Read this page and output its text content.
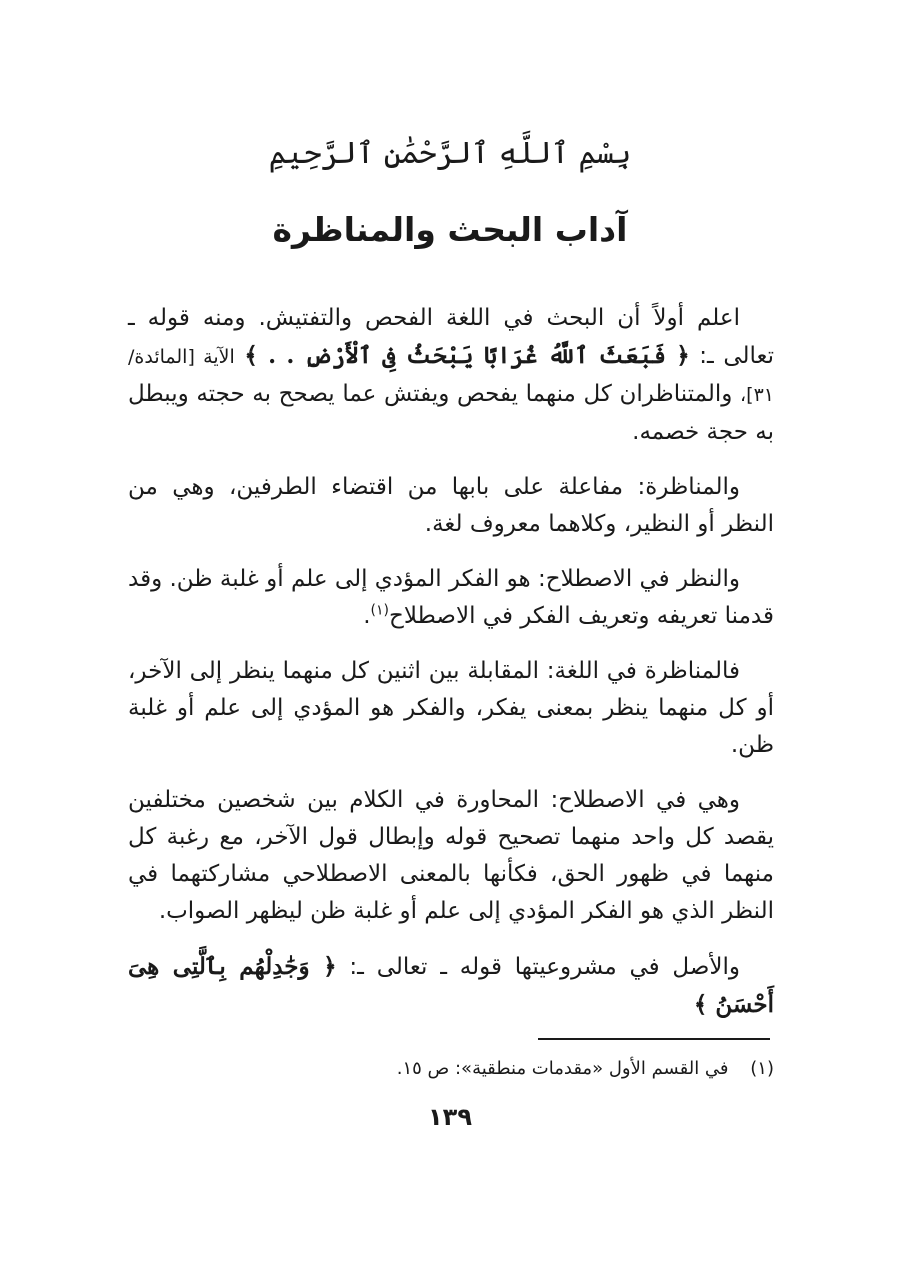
بِسْمِ ٱللَّهِ ٱلرَّحْمَٰنِ ٱلرَّحِيمِ
آداب البحث والمناظرة

اعلم أولاً أن البحث في اللغة الفحص والتفتيش. ومنه قوله ـ تعالى ـ: ﴿ فَبَعَثَ ٱللَّهُ غُرَابًا يَبْحَثُ فِى ٱلْأَرْضِ . . ﴾ الآية [المائدة/ ٣١]، والمتناظران كل منهما يفحص ويفتش عما يصحح به حجته ويبطل به حجة خصمه.

والمناظرة: مفاعلة على بابها من اقتضاء الطرفين، وهي من النظر أو النظير، وكلاهما معروف لغة.

والنظر في الاصطلاح: هو الفكر المؤدي إلى علم أو غلبة ظن. وقد قدمنا تعريفه وتعريف الفكر في الاصطلاح$^{(١)}$.

فالمناظرة في اللغة: المقابلة بين اثنين كل منهما ينظر إلى الآخر، أو كل منهما ينظر بمعنى يفكر، والفكر هو المؤدي إلى علم أو غلبة ظن.

وهي في الاصطلاح: المحاورة في الكلام بين شخصين مختلفين يقصد كل واحد منهما تصحيح قوله وإبطال قول الآخر، مع رغبة كل منهما في ظهور الحق، فكأنها بالمعنى الاصطلاحي مشاركتهما في النظر الذي هو الفكر المؤدي إلى علم أو غلبة ظن ليظهر الصواب.

والأصل في مشروعيتها قوله ـ تعالى ـ: ﴿ وَجَٰدِلْهُم بِٱلَّتِى هِىَ أَحْسَنُ ﴾

(١) في القسم الأول «مقدمات منطقية»: ص ١٥.
١٣٩
